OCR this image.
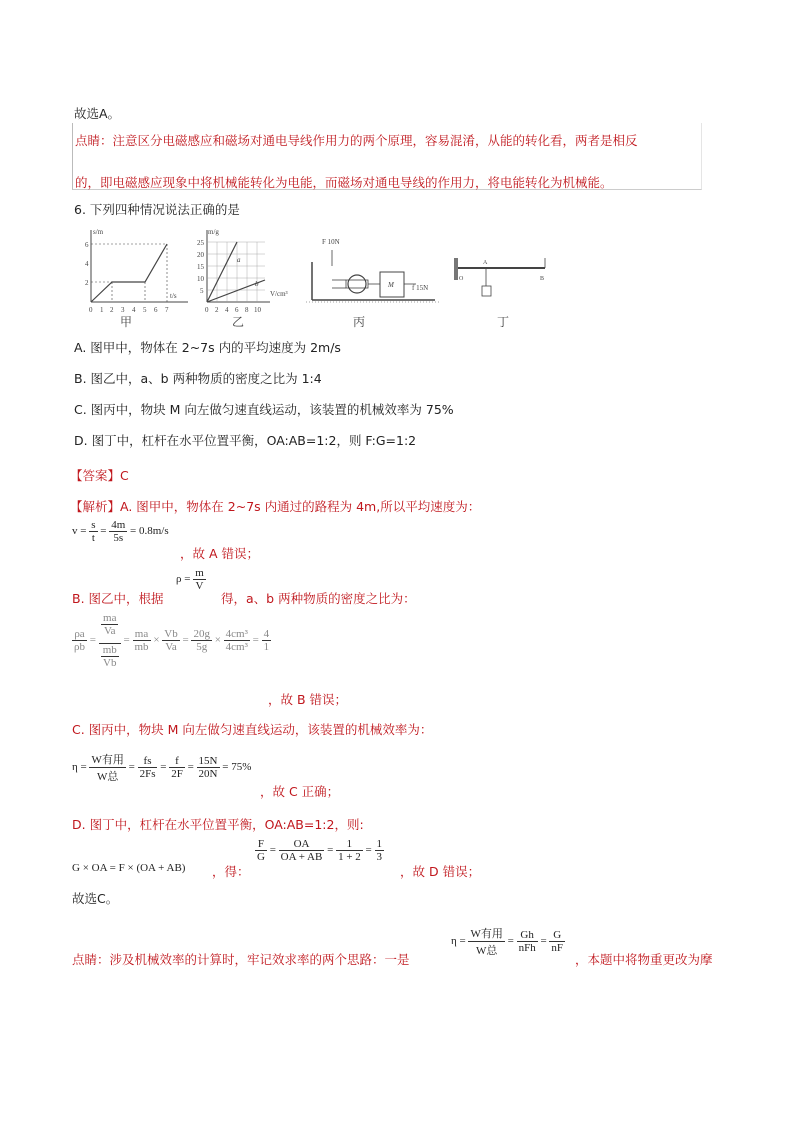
故选A。
点睛：注意区分电磁感应和磁场对通电导线作用力的两个原理，容易混淆，从能的转化看，两者是相反
的，即电磁感应现象中将机械能转化为电能，而磁场对通电导线的作用力，将电能转化为机械能。
6. 下列四种情况说法正确的是
s/m
t/s
2
4
6
0 1 2 3 4 5 6 7
甲
a
b
m/g
V/cm³
5
10
15
20
25
0 2 4 6 8 10
乙
F 10N
M	f 15N
丙
O
A
B
丁
A. 图甲中，物体在 2~7s 内的平均速度为 2m/s
B. 图乙中，a、b 两种物质的密度之比为 1:4
C. 图丙中，物块 M 向左做匀速直线运动，该装置的机械效率为 75%
D. 图丁中，杠杆在水平位置平衡，OA:AB=1:2，则 F:G=1:2
【答案】C
【解析】A. 图甲中，物体在 2~7s 内通过的路程为 4m,所以平均速度为：
$v = \frac{s}{t} = \frac{4m}{5s} = 0.8m/s$
，故 A 错误；
B. 图乙中，根据
$\rho = \frac{m}{V}$
得，a、b 两种物质的密度之比为：
$\frac{\rho a}{\rho b} = \frac{\frac{ma}{Va}}{\frac{mb}{Vb}} = \frac{ma}{mb} \times \frac{Vb}{Va} = \frac{20g}{5g} \times \frac{\text{4cm³}}{\text{4cm³}} = \frac{4}{1}$
，故 B 错误；
C. 图丙中，物块 M 向左做匀速直线运动，该装置的机械效率为：
$\eta = \frac{\text{W有用}}{\text{W总}} = \frac{fs}{2Fs} = \frac{f}{2F} = \frac{15N}{20N} = 75\%$
，故 C 正确；
D. 图丁中，杠杆在水平位置平衡，OA:AB=1:2，则:
G × OA = F × (OA + AB) ，得：
$\frac{F}{G} = \frac{OA}{OA + AB} = \frac{1}{1 + 2} = \frac{1}{3}$
，故 D 错误；
故选C。
点睛：涉及机械效率的计算时，牢记效求率的两个思路：一是
$\eta = \frac{\text{W有用}}{\text{W总}} = \frac{Gh}{\text{nFh}} = \frac{G}{nF}$
，本题中将物重更改为摩
